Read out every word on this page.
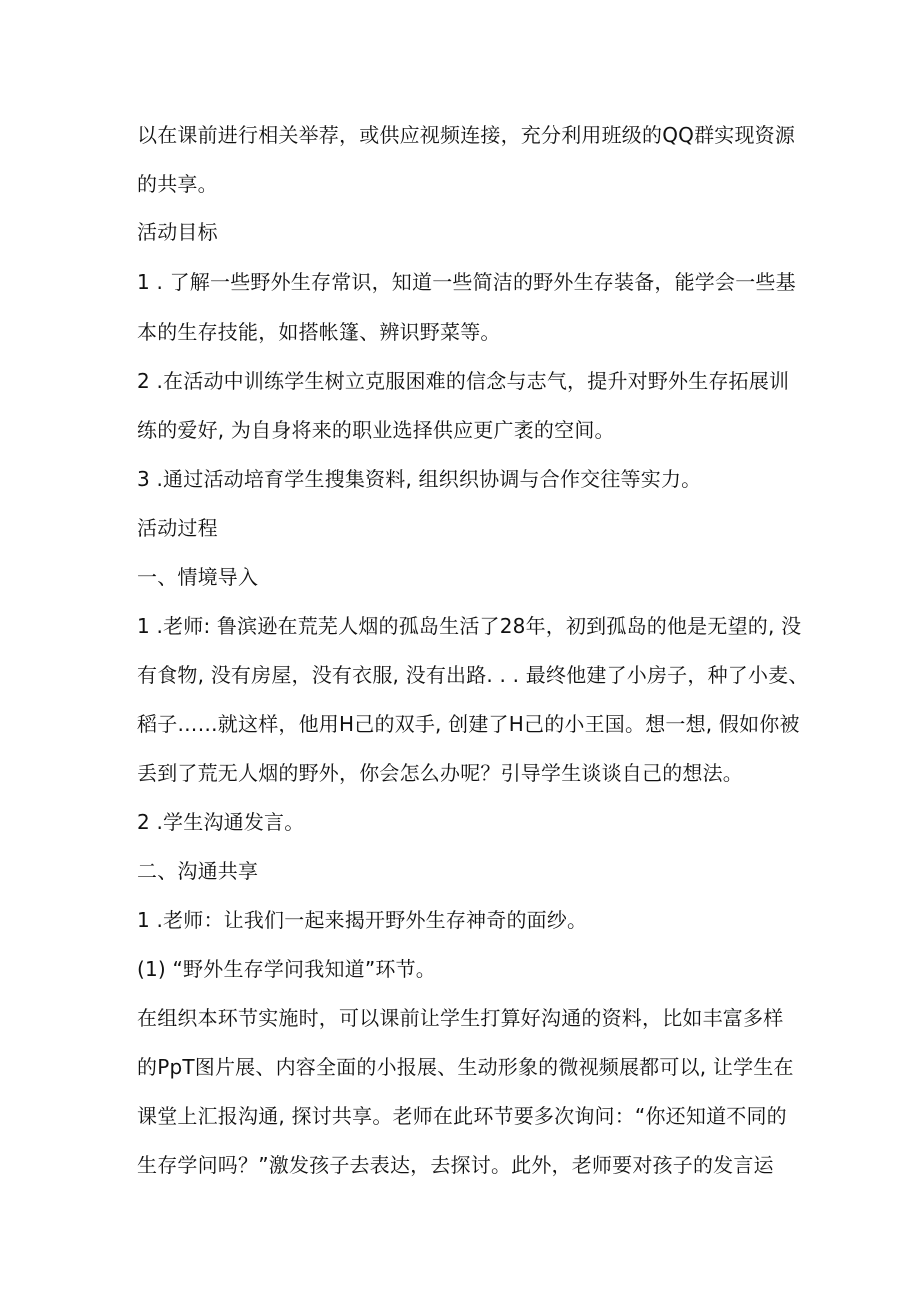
以在课前进行相关举荐，或供应视频连接，充分利用班级的QQ群实现资源
的共享。
活动目标
1 . 了解一些野外生存常识，知道一些简洁的野外生存装备，能学会一些基
本的生存技能，如搭帐篷、辨识野菜等。
2 .在活动中训练学生树立克服困难的信念与志气，提升对野外生存拓展训
练的爱好, 为自身将来的职业选择供应更广袤的空间。
3 .通过活动培育学生搜集资料, 组织织协调与合作交往等实力。
活动过程
一、情境导入
1 .老师: 鲁滨逊在荒芜人烟的孤岛生活了28年，初到孤岛的他是无望的, 没
有食物, 没有房屋，没有衣服, 没有出路. . . 最终他建了小房子，种了小麦、
稻子……就这样，他用H己的双手, 创建了H己的小王国。想一想, 假如你被
丢到了荒无人烟的野外，你会怎么办呢？引导学生谈谈自己的想法。
2 .学生沟通发言。
二、沟通共享
1 .老师：让我们一起来揭开野外生存神奇的面纱。
(1) “野外生存学问我知道”环节。
在组织本环节实施时，可以课前让学生打算好沟通的资料，比如丰富多样
的PpT图片展、内容全面的小报展、生动形象的微视频展都可以, 让学生在
课堂上汇报沟通, 探讨共享。老师在此环节要多次询问：“你还知道不同的
生存学问吗？”激发孩子去表达，去探讨。此外，老师要对孩子的发言运
